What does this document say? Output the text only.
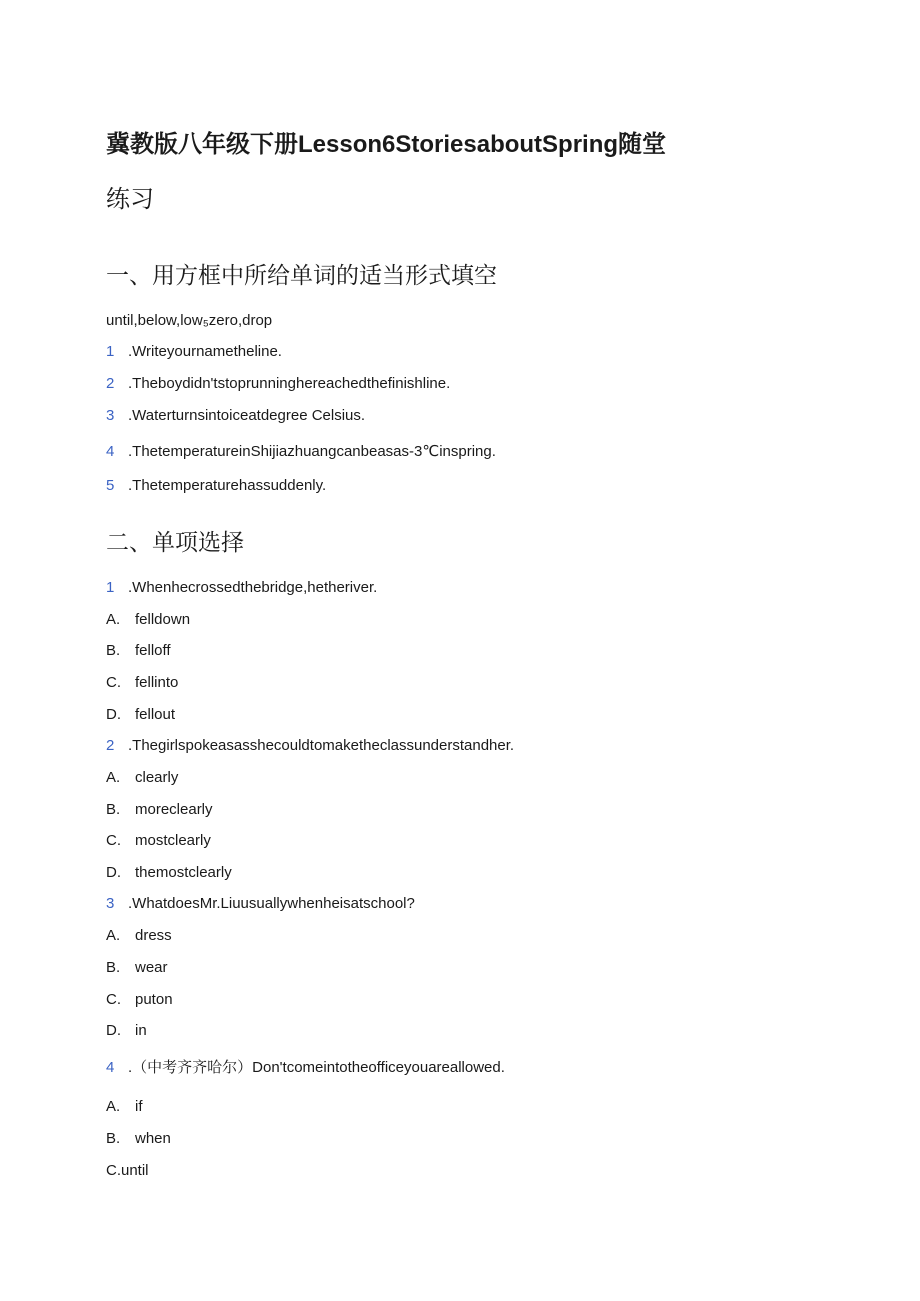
冀教版八年级下册Lesson6StoriesaboutSpring随堂
练习
一、用方框中所给单词的适当形式填空
until,below,low₅zero,drop
1 .Writeyournametheline.
2 .Theboydidn'tstoprunninghereachedthefinishline.
3 .Waterturnsintoiceatdegree Celsius.
4 .ThetemperatureinShijiazhuangcanbeasas-3℃inspring.
5 .Thetemperaturehassuddenly.
二、单项选择
1 .Whenhecrossedthebridge,hetheriver.
A. felldown
B. felloff
C. fellinto
D. fellout
2 .Thegirlspokeasasshecouldtomaketheclassunderstandher.
A. clearly
B. moreclearly
C. mostclearly
D. themostclearly
3 .WhatdoesMr.Liuusuallywhenheisatschool?
A. dress
B. wear
C. puton
D. in
4 .（中考齐齐哈尔）Don'tcomeintotheofficeyouareallowed.
A. if
B. when
C.until
